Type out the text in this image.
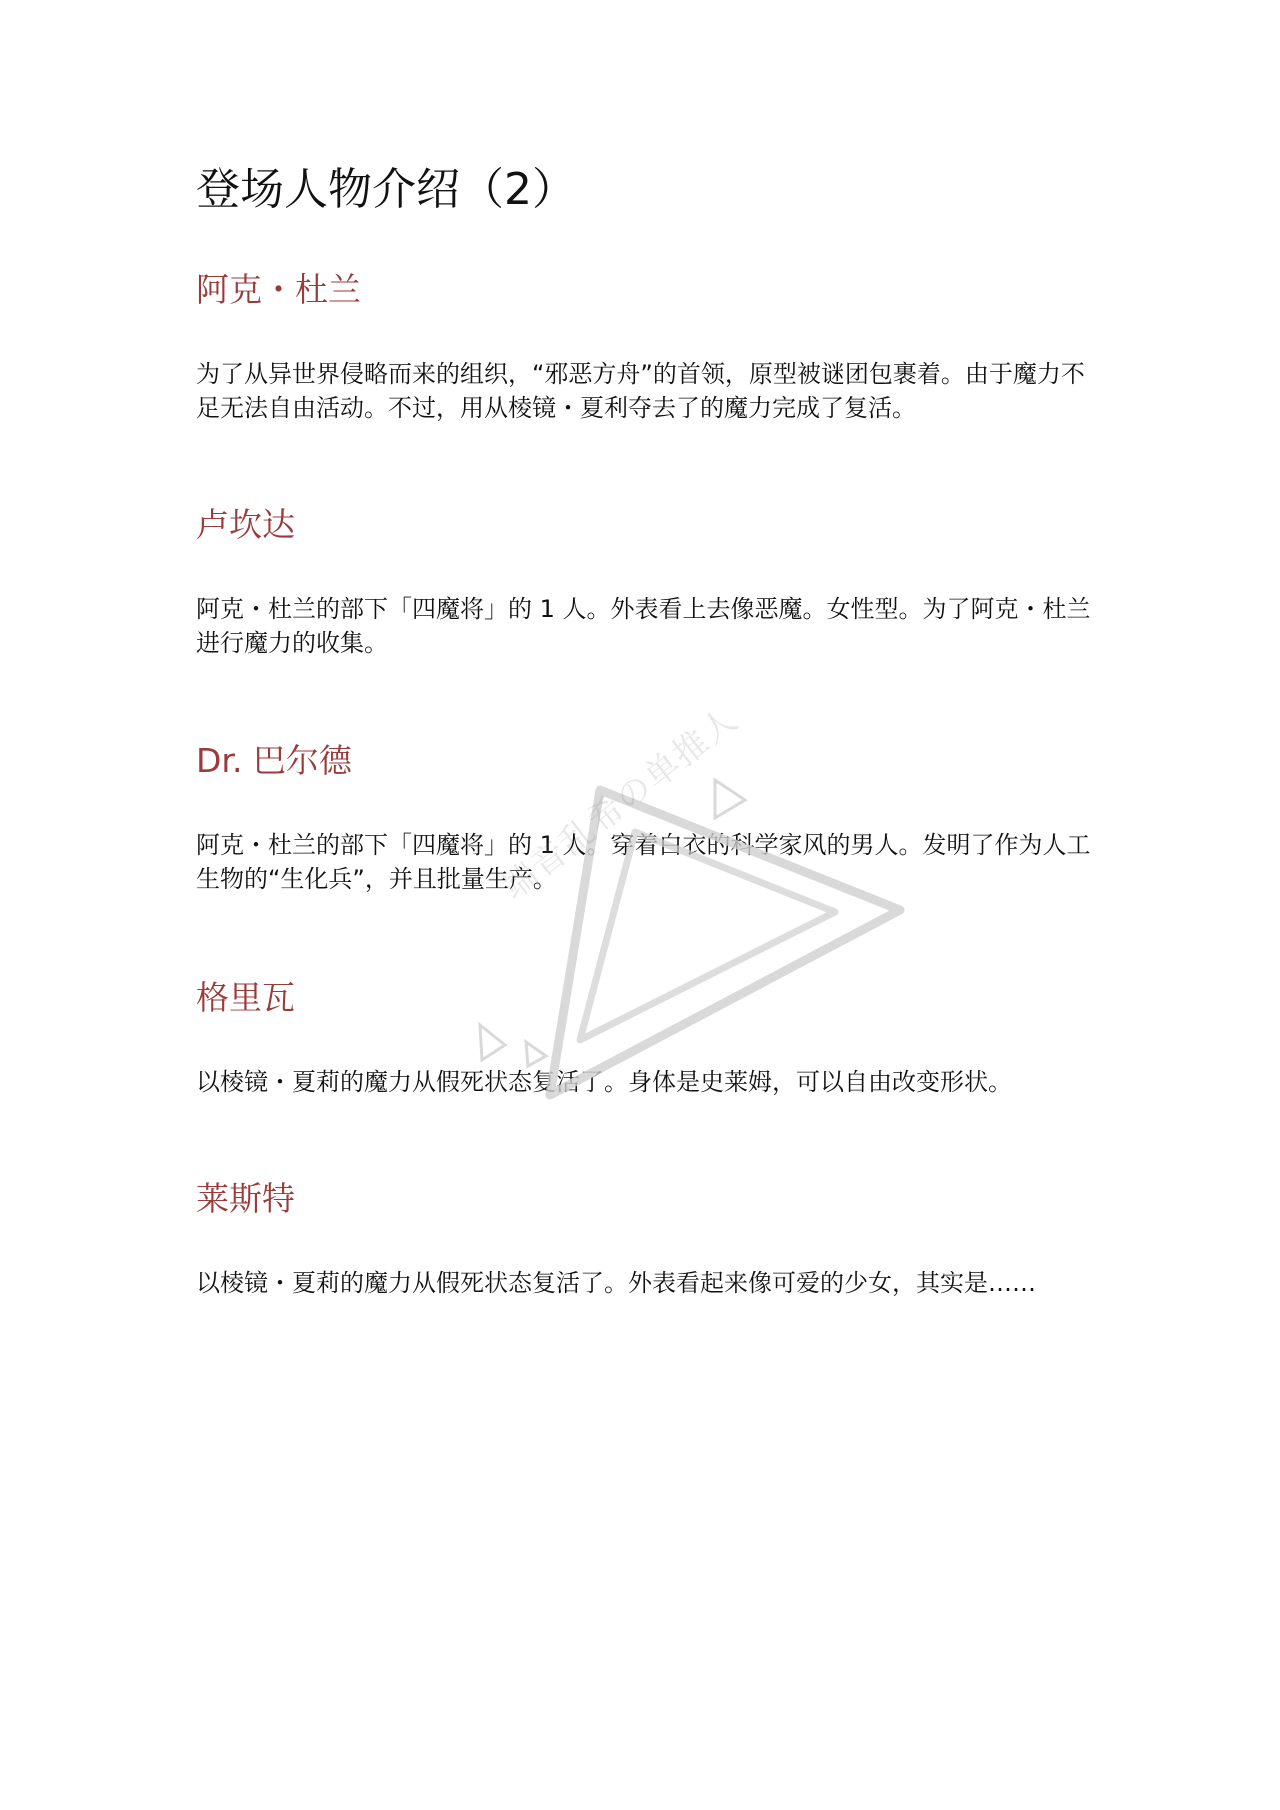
登场人物介绍（2）
阿克・杜兰

为了从异世界侵略而来的组织，“邪恶方舟”的首领，原型被谜团包裹着。由于魔力不足无法自由活动。不过，用从棱镜・夏利夺去了的魔力完成了复活。

卢坎达

阿克・杜兰的部下「四魔将」的 1 人。外表看上去像恶魔。女性型。为了阿克・杜兰进行魔力的收集。

Dr. 巴尔德

阿克・杜兰的部下「四魔将」的 1 人。穿着白衣的科学家风的男人。发明了作为人工生物的“生化兵”，并且批量生产。

格里瓦

以棱镜・夏莉的魔力从假死状态复活了。身体是史莱姆，可以自由改变形状。

莱斯特

以棱镜・夏莉的魔力从假死状态复活了。外表看起来像可爱的少女，其实是……

端音乱希の单推人
